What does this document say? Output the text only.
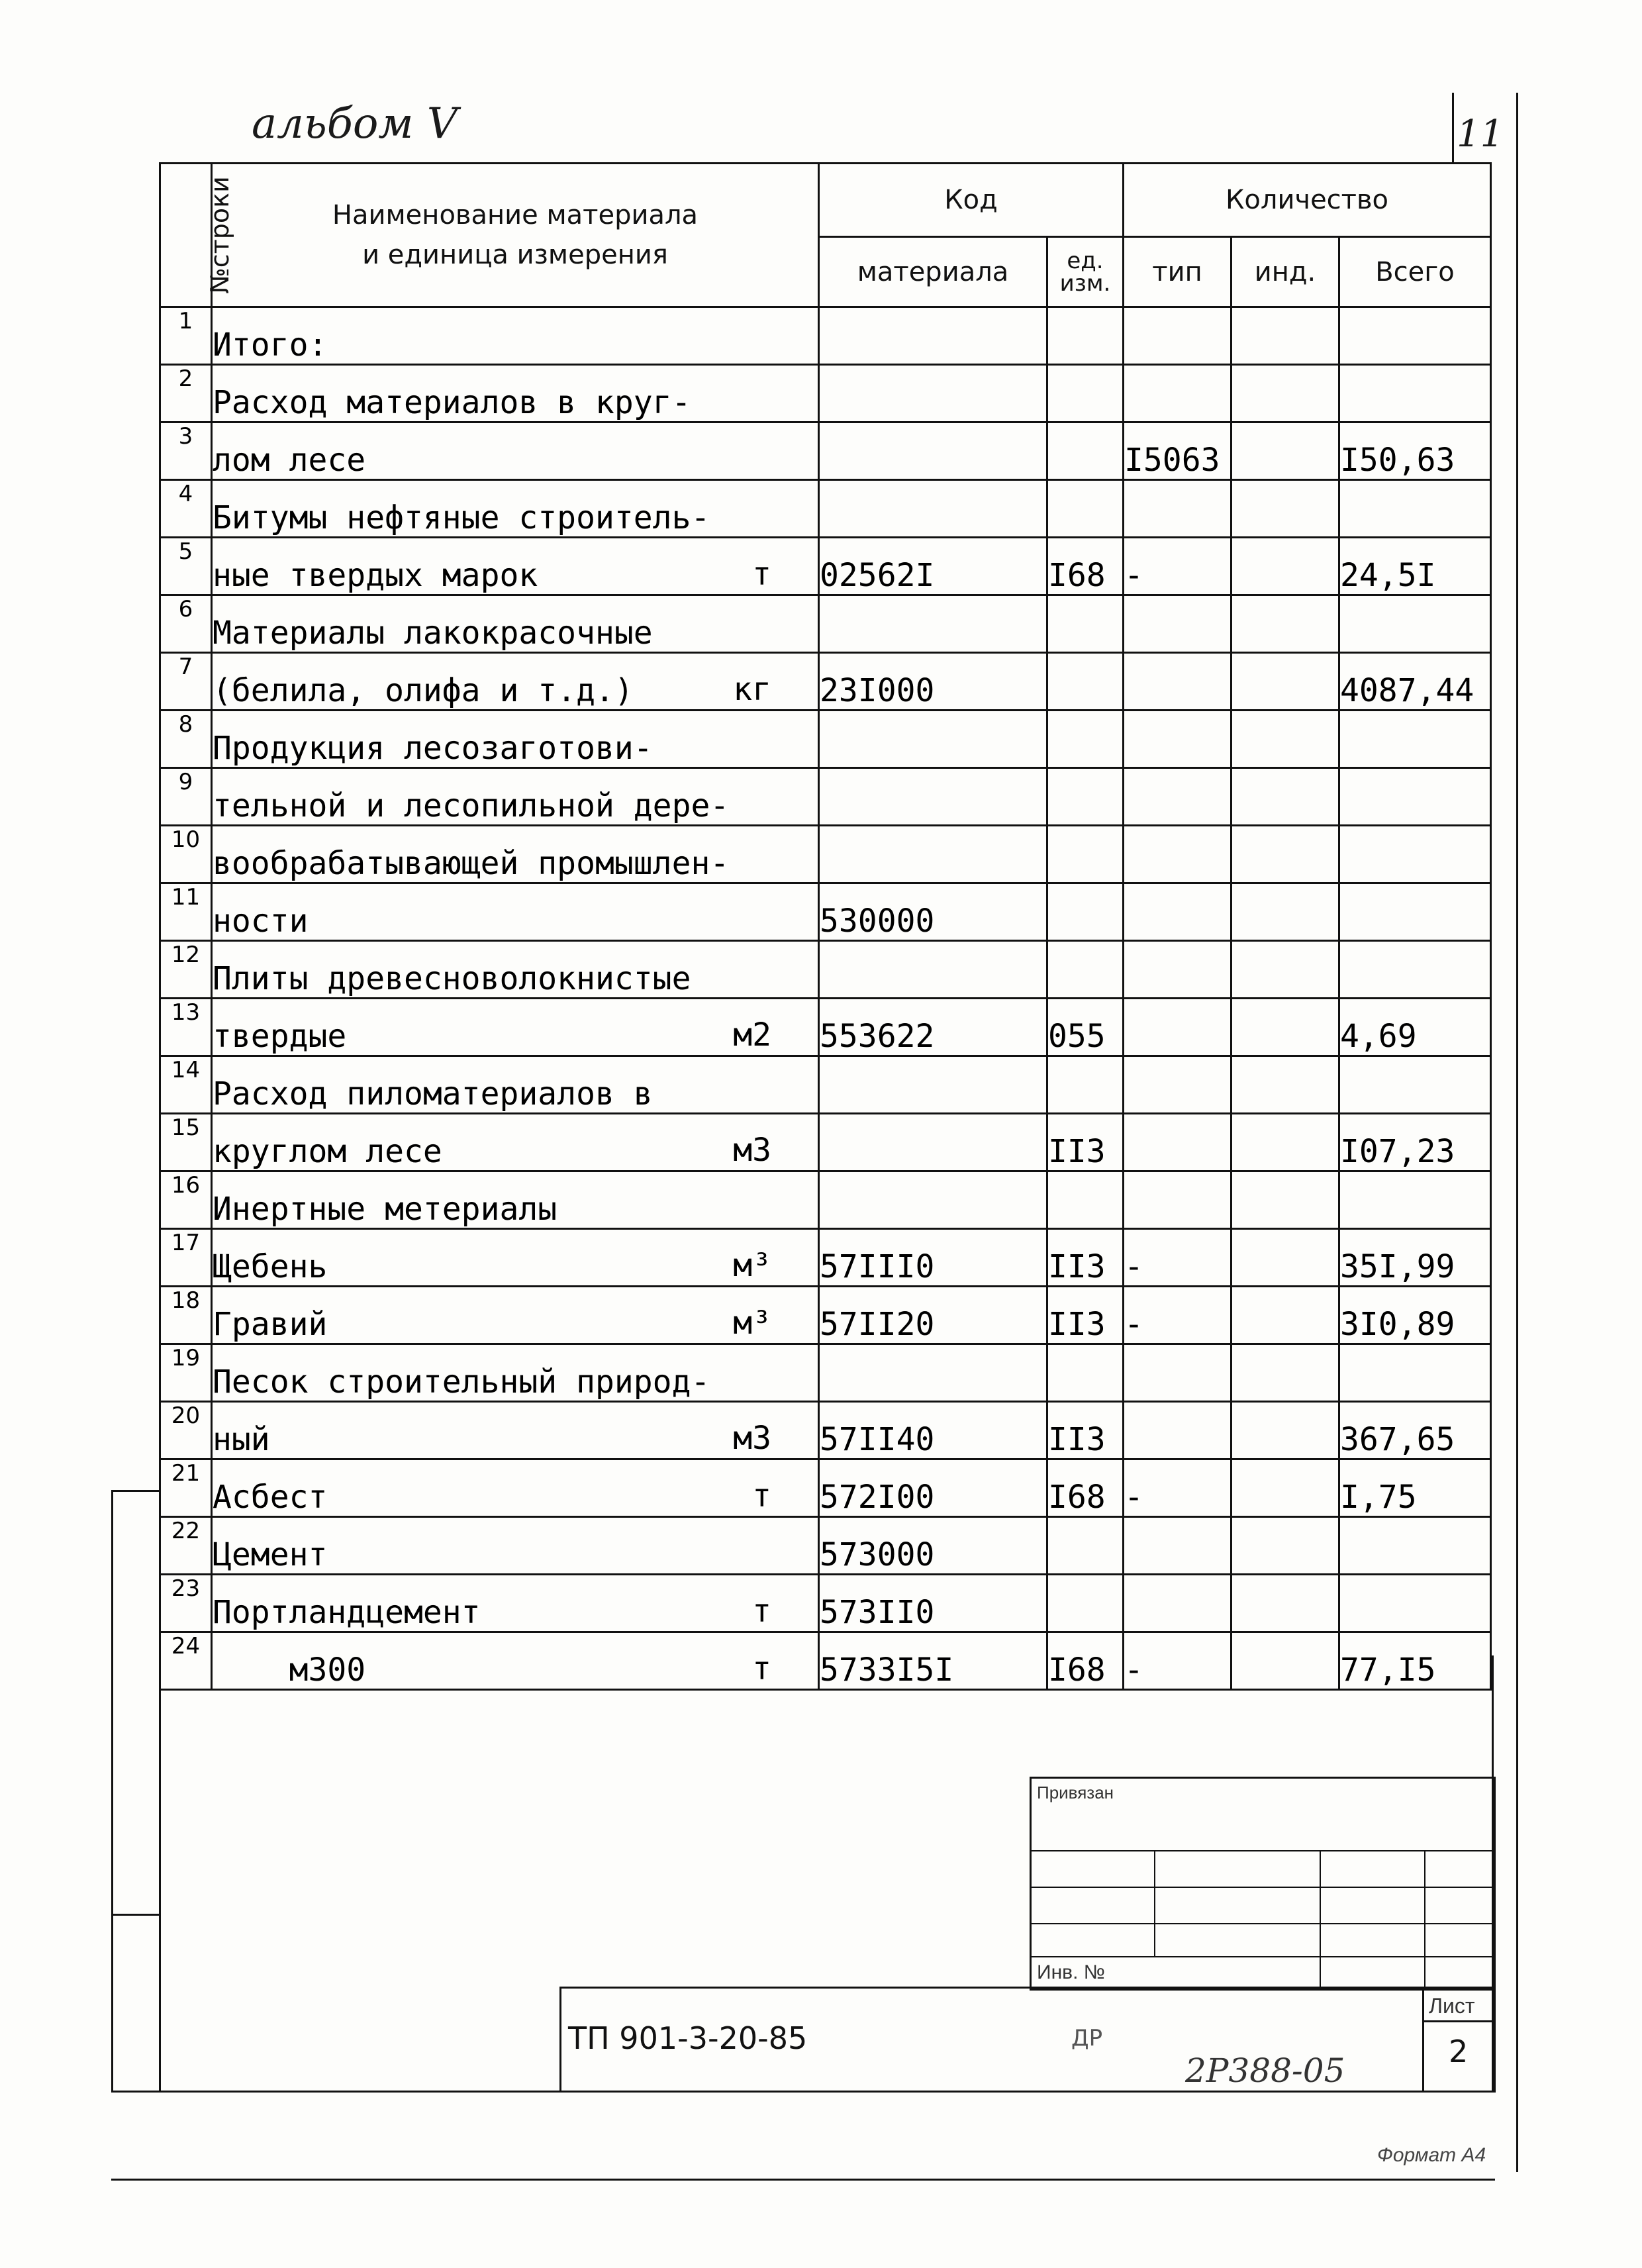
альбом V	11
№строки	Наименование материала
и единица измерения	Код		Количество		
		материала	ед. изм.	тип	инд.	Всего
1	Итого:

2	Расход материалов в круг-

3	лом лесе			I5063		I50,63
4	Битумы нефтяные строитель-

5	ные твердых марок т	02562I	I68	-		24,5I
6	Материалы лакокрасочные

7	(белила, олифа и т.д.) кг	23I000				4087,44
8	Продукция лесозаготови-

9	тельной и лесопильной дере-

10	вообрабатывающей промышлен-

11	ности	530000				
12	Плиты древесноволокнистые

13	твердые м2	553622	055			4,69
14	Расход пиломатериалов в

15	круглом лесе м3		II3			I07,23
16	Инертные метериалы

17	Щебень м³	57III0	II3	-		35I,99
18	Гравий м³	57II20	II3	-		3I0,89
19	Песок строительный природ-

20	ный м3	57II40	II3			367,65
21	Асбест т	572I00	I68	-		I,75
22	Цемент	573000				
23	Портландцемент т	573II0				
24	м300 т	5733I5I	I68	-		77,I5
Привязан
Инв. №
ТП 901-3-20-85	ДР
Лист
2
2Р388-05
Формат А4
